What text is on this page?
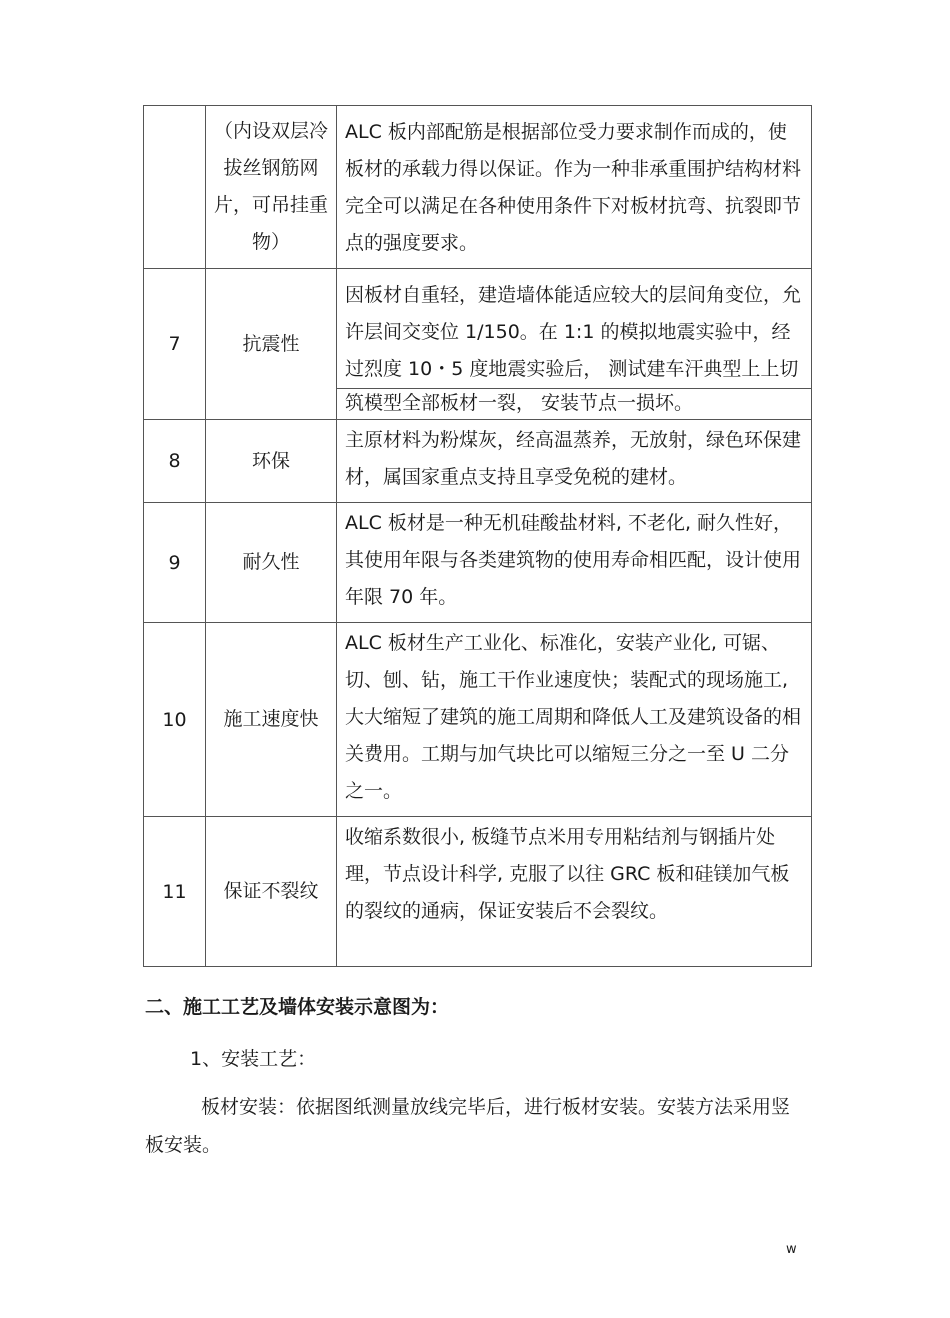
	（内设双层冷拔丝钢筋网片，可吊挂重物）	ALC 板内部配筋是根据部位受力要求制作而成的，使板材的承载力得以保证。作为一种非承重围护结构材料完全可以满足在各种使用条件下对板材抗弯、抗裂即节点的强度要求。

7	抗震性	因板材自重轻，建造墙体能适应较大的层间角变位，允许层间交变位 1/150。在 1:1 的模拟地震实验中，经过烈度 10・5 度地震实验后， 测试建车汗典型上上切
筑模型全部板材一裂， 安装节点一损坏。

8	环保	主原材料为粉煤灰，经高温蒸养，无放射，绿色环保建材，属国家重点支持且享受免税的建材。

9	耐久性	ALC 板材是一种无机硅酸盐材料, 不老化, 耐久性好，其使用年限与各类建筑物的使用寿命相匹配，设计使用年限 70 年。

10	施工速度快	ALC 板材生产工业化、标准化，安装产业化, 可锯、切、刨、钻，施工干作业速度快；装配式的现场施工, 大大缩短了建筑的施工周期和降低人工及建筑设备的相关费用。工期与加气块比可以缩短三分之一至 U 二分之一。

11	保证不裂纹	收缩系数很小, 板缝节点米用专用粘结剂与钢插片处理，节点设计科学, 克服了以往 GRC 板和硅镁加气板的裂纹的通病，保证安装后不会裂纹。
二、施工工艺及墙体安装示意图为：
1、安装工艺：
板材安装：依据图纸测量放线完毕后，进行板材安装。安装方法采用竖板安装。
w
